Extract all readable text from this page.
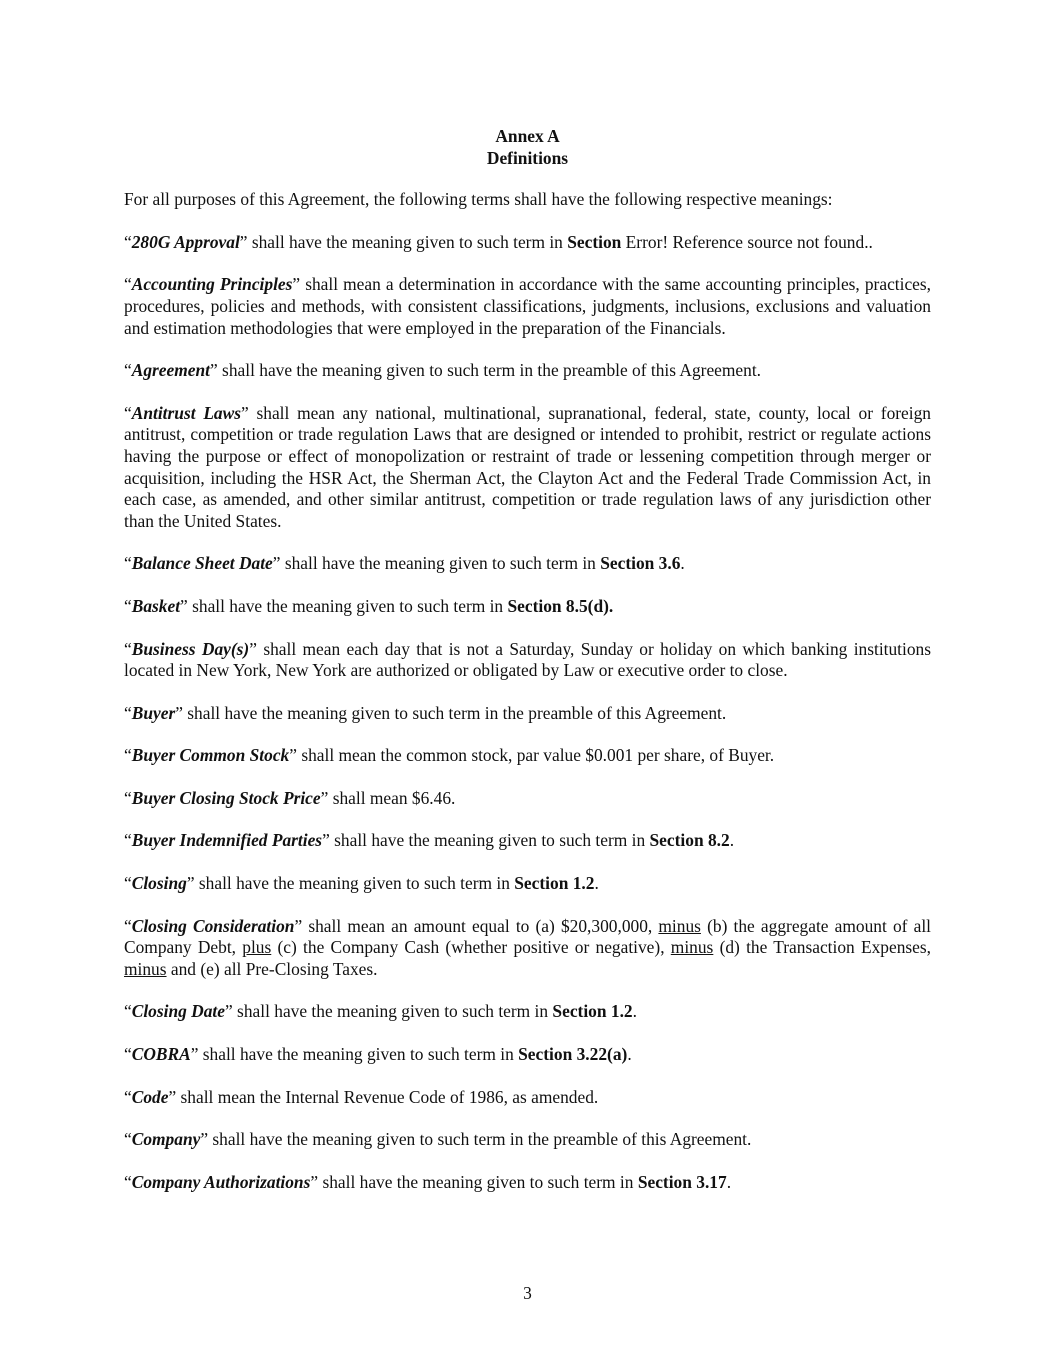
Annex A

Definitions

For all purposes of this Agreement, the following terms shall have the following respective meanings:

“280G Approval” shall have the meaning given to such term in Section Error! Reference source not found..

“Accounting Principles” shall mean a determination in accordance with the same accounting principles, practices, procedures, policies and methods, with consistent classifications, judgments, inclusions, exclusions and valuation and estimation methodologies that were employed in the preparation of the Financials.

“Agreement” shall have the meaning given to such term in the preamble of this Agreement.

“Antitrust Laws” shall mean any national, multinational, supranational, federal, state, county, local or foreign antitrust, competition or trade regulation Laws that are designed or intended to prohibit, restrict or regulate actions having the purpose or effect of monopolization or restraint of trade or lessening competition through merger or acquisition, including the HSR Act, the Sherman Act, the Clayton Act and the Federal Trade Commission Act, in each case, as amended, and other similar antitrust, competition or trade regulation laws of any jurisdiction other than the United States.

“Balance Sheet Date” shall have the meaning given to such term in Section 3.6.

“Basket” shall have the meaning given to such term in Section 8.5(d).

“Business Day(s)” shall mean each day that is not a Saturday, Sunday or holiday on which banking institutions located in New York, New York are authorized or obligated by Law or executive order to close.

“Buyer” shall have the meaning given to such term in the preamble of this Agreement.

“Buyer Common Stock” shall mean the common stock, par value $0.001 per share, of Buyer.

“Buyer Closing Stock Price” shall mean $6.46.

“Buyer Indemnified Parties” shall have the meaning given to such term in Section 8.2.

“Closing” shall have the meaning given to such term in Section 1.2.

“Closing Consideration” shall mean an amount equal to (a) $20,300,000, minus (b) the aggregate amount of all Company Debt, plus (c) the Company Cash (whether positive or negative), minus (d) the Transaction Expenses, minus and (e) all Pre-Closing Taxes.

“Closing Date” shall have the meaning given to such term in Section 1.2.

“COBRA” shall have the meaning given to such term in Section 3.22(a).

“Code” shall mean the Internal Revenue Code of 1986, as amended.

“Company” shall have the meaning given to such term in the preamble of this Agreement.

“Company Authorizations” shall have the meaning given to such term in Section 3.17.

3
